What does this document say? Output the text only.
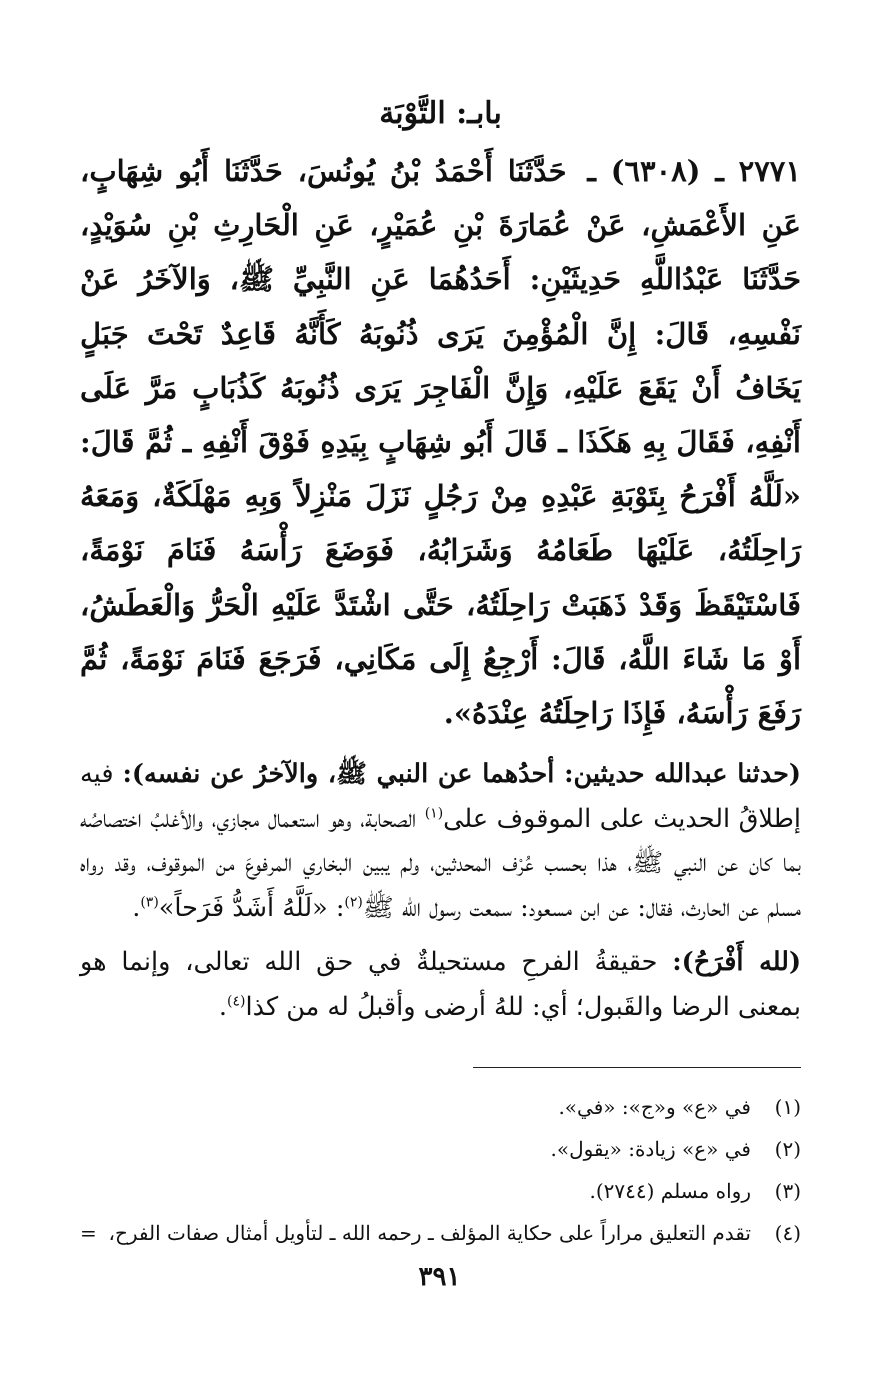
بابـ: التَّوْبَة

٢٧٧١ ـ (٦٣٠٨) ـ حَدَّثَنَا أَحْمَدُ بْنُ يُونُسَ، حَدَّثَنَا أَبُو شِهَابٍ، عَنِ الأَعْمَشِ، عَنْ عُمَارَةَ بْنِ عُمَيْرٍ، عَنِ الْحَارِثِ بْنِ سُوَيْدٍ، حَدَّثَنَا عَبْدُاللَّهِ حَدِيثَيْنِ: أَحَدُهُمَا عَنِ النَّبِيِّ ﷺ، وَالآخَرُ عَنْ نَفْسِهِ، قَالَ: إِنَّ الْمُؤْمِنَ يَرَى ذُنُوبَهُ كَأَنَّهُ قَاعِدٌ تَحْتَ جَبَلٍ يَخَافُ أَنْ يَقَعَ عَلَيْهِ، وَإِنَّ الْفَاجِرَ يَرَى ذُنُوبَهُ كَذُبَابٍ مَرَّ عَلَى أَنْفِهِ، فَقَالَ بِهِ هَكَذَا ـ قَالَ أَبُو شِهَابٍ بِيَدِهِ فَوْقَ أَنْفِهِ ـ ثُمَّ قَالَ: «لَلَّهُ أَفْرَحُ بِتَوْبَةِ عَبْدِهِ مِنْ رَجُلٍ نَزَلَ مَنْزِلاً وَبِهِ مَهْلَكَةٌ، وَمَعَهُ رَاحِلَتُهُ، عَلَيْهَا طَعَامُهُ وَشَرَابُهُ، فَوَضَعَ رَأْسَهُ فَنَامَ نَوْمَةً، فَاسْتَيْقَظَ وَقَدْ ذَهَبَتْ رَاحِلَتُهُ، حَتَّى اشْتَدَّ عَلَيْهِ الْحَرُّ وَالْعَطَشُ، أَوْ مَا شَاءَ اللَّهُ، قَالَ: أَرْجِعُ إِلَى مَكَانِي، فَرَجَعَ فَنَامَ نَوْمَةً، ثُمَّ رَفَعَ رَأْسَهُ، فَإِذَا رَاحِلَتُهُ عِنْدَهُ».

(حدثنا عبدالله حديثين: أحدُهما عن النبي ﷺ، والآخرُ عن نفسه): فيه إطلاقُ الحديث على الموقوف على$^{(١)}$ الصحابة، وهو استعمال مجازي، والأغلبُ اختصاصُه بما كان عن النبي ﷺ، هذا بحسب عُرْف المحدثين، ولم يبين البخاري المرفوعَ من الموقوف، وقد رواه مسلم عن الحارث، فقال: عن ابن مسعود: سمعت رسول الله ﷺ$^{(٢)}$: «لَلَّهُ أَشَدُّ فَرَحاً»$^{(٣)}$.

(لله أَفْرَحُ): حقيقةُ الفرحِ مستحيلةٌ في حق الله تعالى، وإنما هو بمعنى الرضا والقَبول؛ أي: للهُ أرضى وأقبلُ له من كذا$^{(٤)}$.

(١)في «ع» و«ج»: «في».
(٢)في «ع» زيادة: «يقول».
(٣)رواه مسلم (٢٧٤٤).
(٤)تقدم التعليق مراراً على حكاية المؤلف ـ رحمه الله ـ لتأويل أمثال صفات الفرح،
=
٣٩١
